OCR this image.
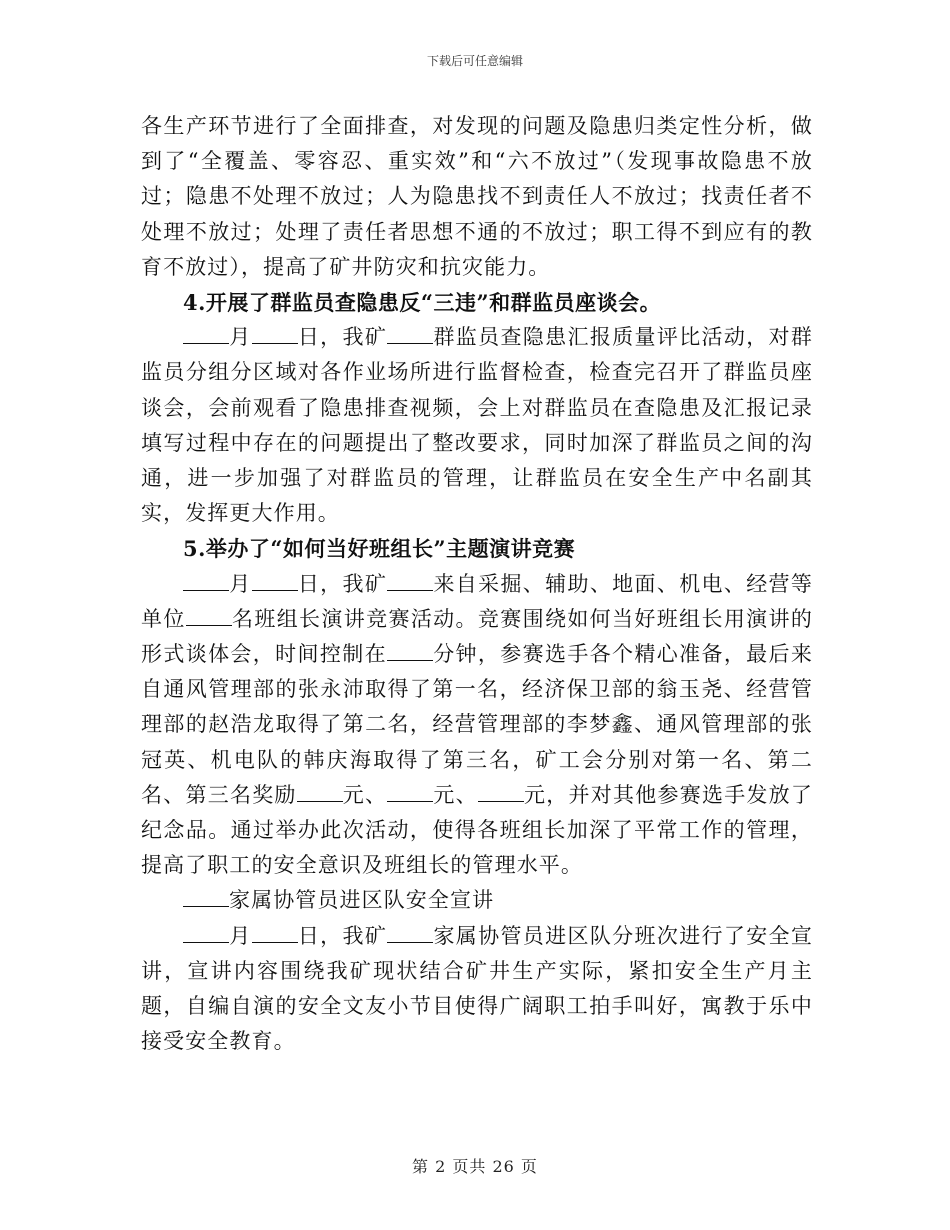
下载后可任意编辑

各生产环节进行了全面排查，对发现的问题及隐患归类定性分析，做到了“全覆盖、零容忍、重实效”和“六不放过”（发现事故隐患不放过；隐患不处理不放过；人为隐患找不到责任人不放过；找责任者不处理不放过；处理了责任者思想不通的不放过；职工得不到应有的教育不放过），提高了矿井防灾和抗灾能力。

4.开展了群监员查隐患反“三违”和群监员座谈会。

月 日，我矿 群监员查隐患汇报质量评比活动，对群监员分组分区域对各作业场所进行监督检查，检查完召开了群监员座谈会，会前观看了隐患排查视频，会上对群监员在查隐患及汇报记录填写过程中存在的问题提出了整改要求，同时加深了群监员之间的沟通，进一步加强了对群监员的管理，让群监员在安全生产中名副其实，发挥更大作用。

5.举办了“如何当好班组长”主题演讲竞赛

月 日，我矿 来自采掘、辅助、地面、机电、经营等单位 名班组长演讲竞赛活动。竞赛围绕如何当好班组长用演讲的形式谈体会，时间控制在 分钟，参赛选手各个精心准备，最后来自通风管理部的张永沛取得了第一名，经济保卫部的翁玉尧、经营管理部的赵浩龙取得了第二名，经营管理部的李梦鑫、通风管理部的张冠英、机电队的韩庆海取得了第三名，矿工会分别对第一名、第二名、第三名奖励 元、 元、 元，并对其他参赛选手发放了纪念品。通过举办此次活动，使得各班组长加深了平常工作的管理，提高了职工的安全意识及班组长的管理水平。

家属协管员进区队安全宣讲

月 日，我矿 家属协管员进区队分班次进行了安全宣讲，宣讲内容围绕我矿现状结合矿井生产实际，紧扣安全生产月主题，自编自演的安全文友小节目使得广阔职工拍手叫好，寓教于乐中接受安全教育。

第 2 页共 26 页
